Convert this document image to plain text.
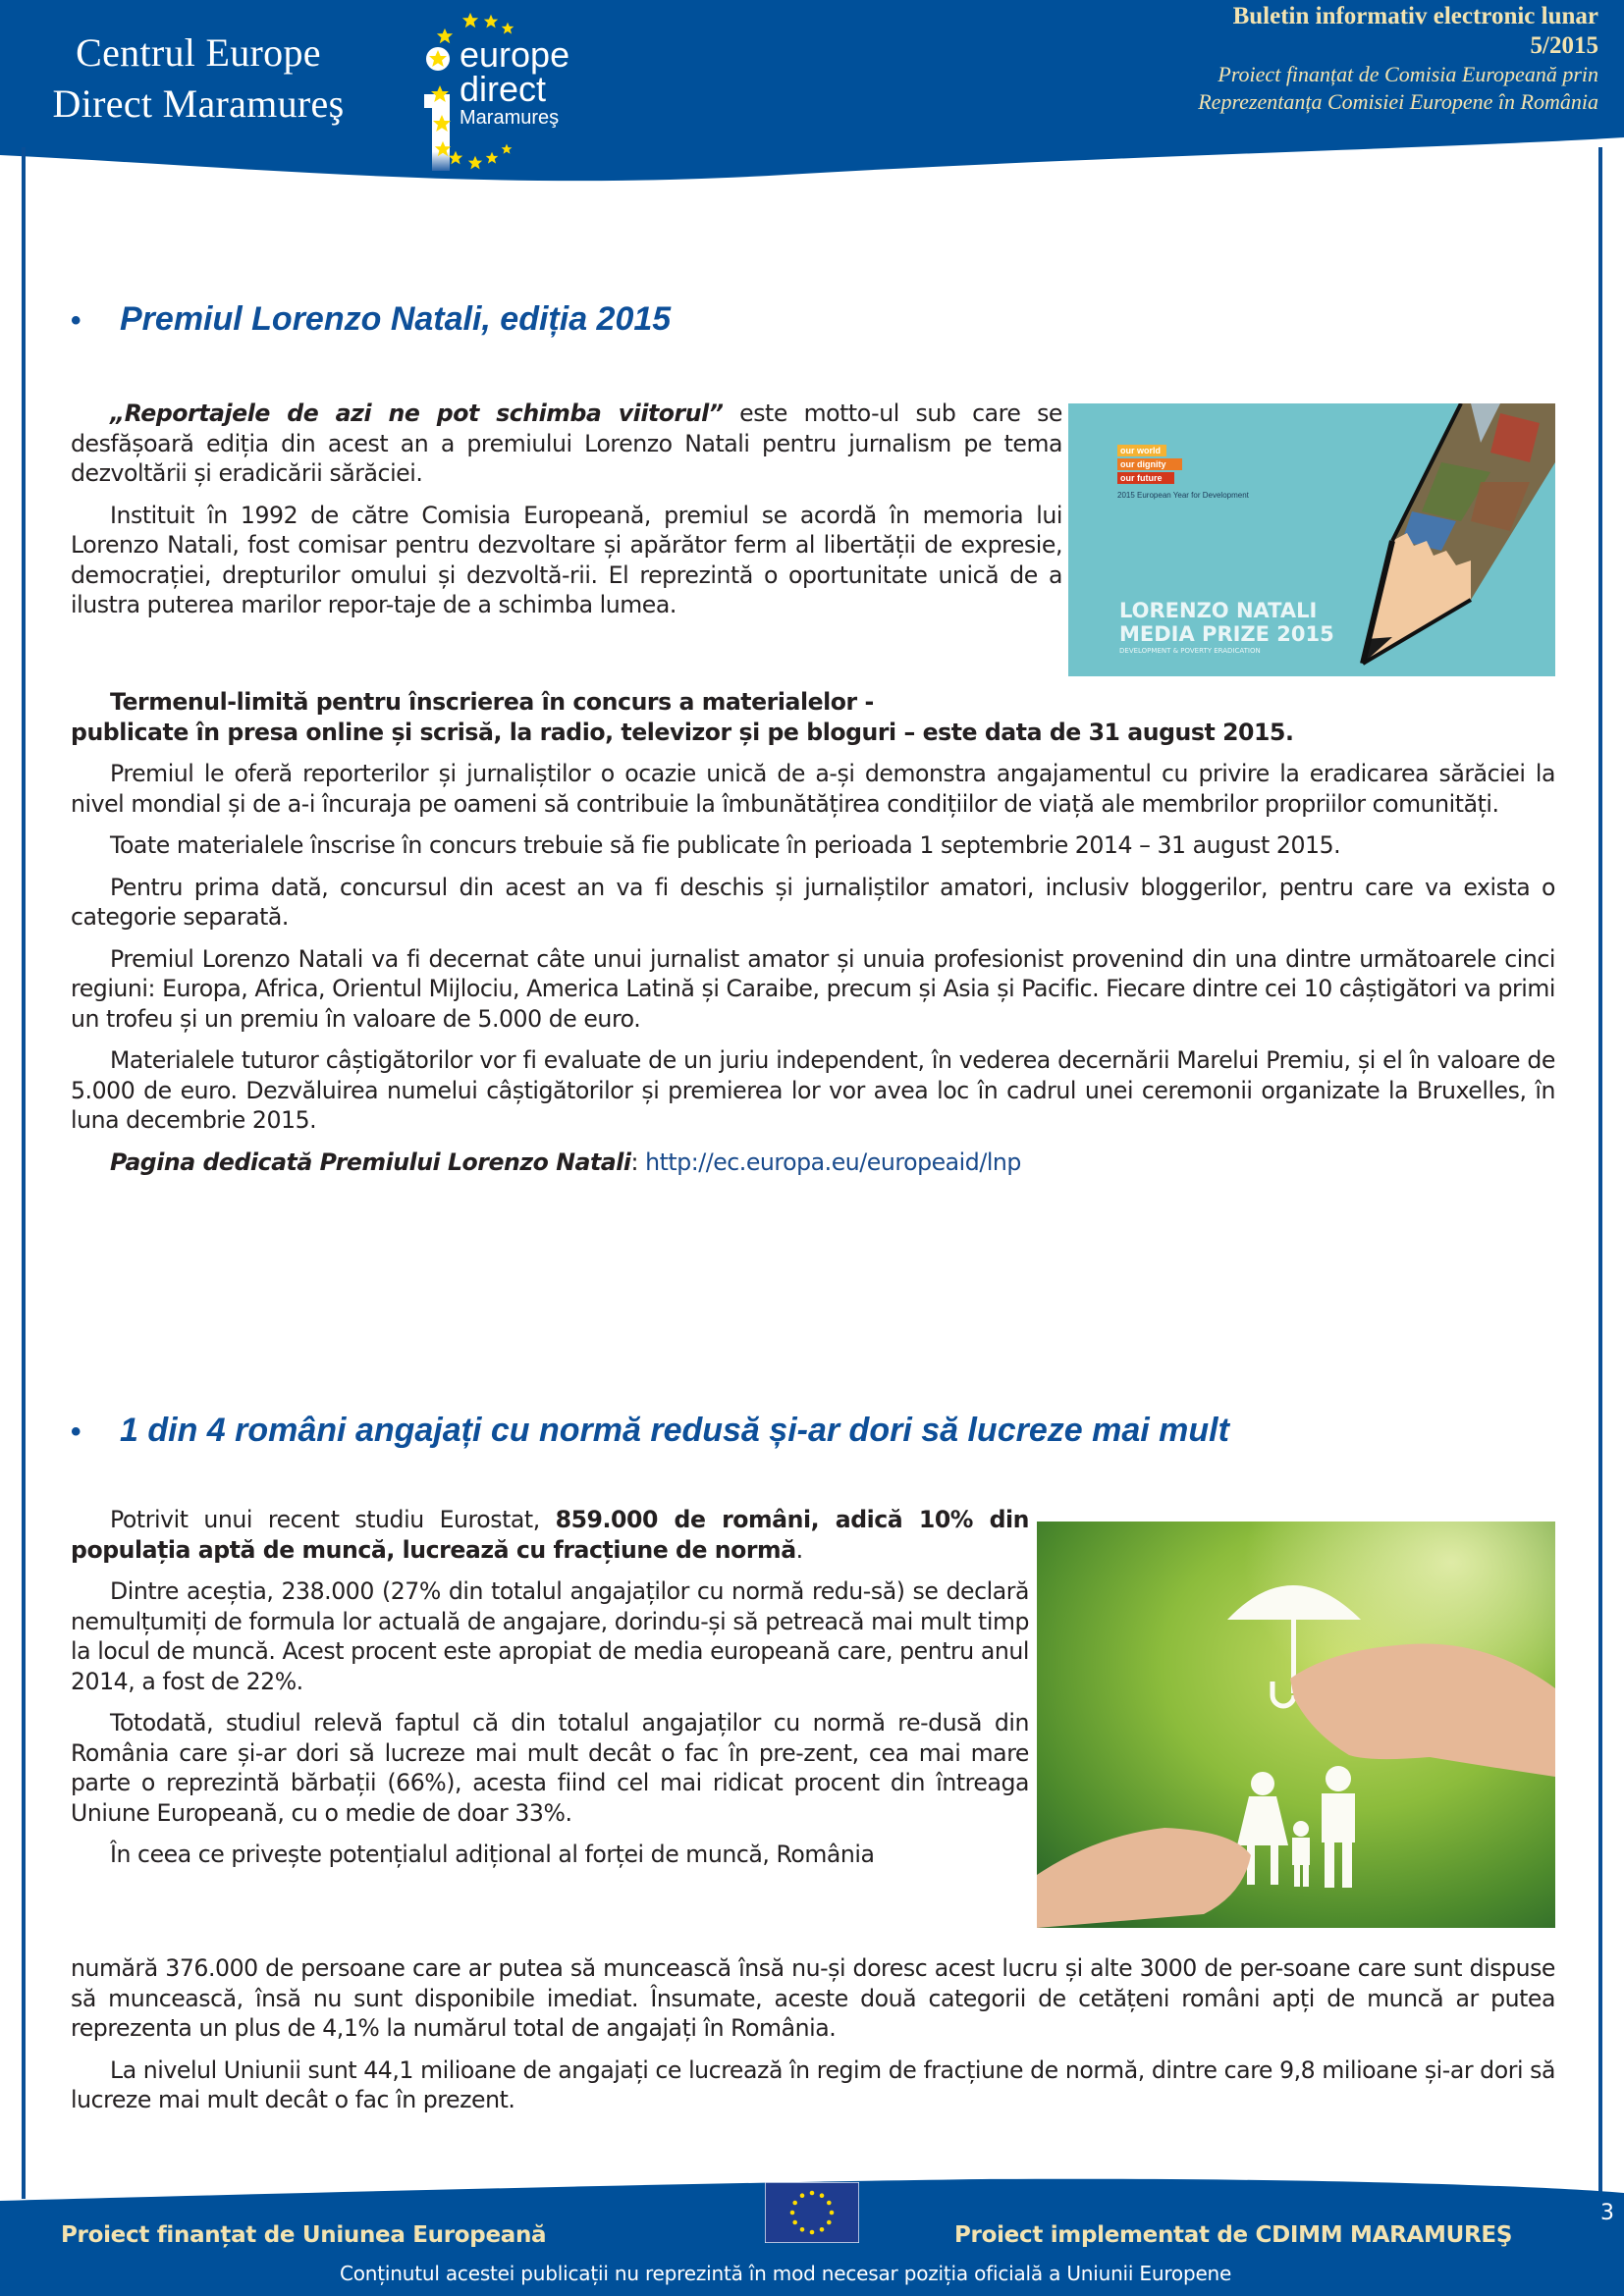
Centrul Europe
Direct Maramureş
europe
direct
Maramureş
Buletin informativ electronic lunar
5/2015
Proiect finanțat de Comisia Europeană prin
Reprezentanța Comisiei Europene în România
• Premiul Lorenzo Natali, ediția 2015

„Reportajele de azi ne pot schimba viitorul” este motto-ul sub care se desfășoară ediția din acest an a premiului Lorenzo Natali pentru jurnalism pe tema dezvoltării și eradicării sărăciei.

Instituit în 1992 de către Comisia Europeană, premiul se acordă în memoria lui Lorenzo Natali, fost comisar pentru dezvoltare și apărător ferm al libertății de expresie, democrației, drepturilor omului și dezvoltă-rii. El reprezintă o oportunitate unică de a ilustra puterea marilor repor-taje de a schimba lumea.

our world
our dignity
our future
2015 European Year for Development
LORENZO NATALI
MEDIA PRIZE 2015
DEVELOPMENT & POVERTY ERADICATION

Termenul-limită pentru înscrierea în concurs a materialelor -
publicate în presa online și scrisă, la radio, televizor și pe bloguri – este data de 31 august 2015.

Premiul le oferă reporterilor și jurnaliștilor o ocazie unică de a-și demonstra angajamentul cu privire la eradicarea sărăciei la nivel mondial și de a-i încuraja pe oameni să contribuie la îmbunătățirea condițiilor de viață ale membrilor propriilor comunități.

Toate materialele înscrise în concurs trebuie să fie publicate în perioada 1 septembrie 2014 – 31 august 2015.

Pentru prima dată, concursul din acest an va fi deschis și jurnaliștilor amatori, inclusiv bloggerilor, pentru care va exista o categorie separată.

Premiul Lorenzo Natali va fi decernat câte unui jurnalist amator și unuia profesionist provenind din una dintre următoarele cinci regiuni: Europa, Africa, Orientul Mijlociu, America Latină și Caraibe, precum și Asia și Pacific. Fiecare dintre cei 10 câștigători va primi un trofeu și un premiu în valoare de 5.000 de euro.

Materialele tuturor câștigătorilor vor fi evaluate de un juriu independent, în vederea decernării Marelui Premiu, și el în valoare de 5.000 de euro. Dezvăluirea numelui câștigătorilor și premierea lor vor avea loc în cadrul unei ceremonii organizate la Bruxelles, în luna decembrie 2015.

Pagina dedicată Premiului Lorenzo Natali: http://ec.europa.eu/europeaid/lnp

• 1 din 4 români angajați cu normă redusă și-ar dori să lucreze mai mult

Potrivit unui recent studiu Eurostat, 859.000 de români, adică 10% din populația aptă de muncă, lucrează cu fracțiune de normă.

Dintre aceștia, 238.000 (27% din totalul angajaților cu normă redu-să) se declară nemulțumiți de formula lor actuală de angajare, dorindu-și să petreacă mai mult timp la locul de muncă. Acest procent este apropiat de media europeană care, pentru anul 2014, a fost de 22%.

Totodată, studiul relevă faptul că din totalul angajaților cu normă re-dusă din România care și-ar dori să lucreze mai mult decât o fac în pre-zent, cea mai mare parte o reprezintă bărbații (66%), acesta fiind cel mai ridicat procent din întreaga Uniune Europeană, cu o medie de doar 33%.

În ceea ce privește potențialul adițional al forței de muncă, România

numără 376.000 de persoane care ar putea să muncească însă nu-și doresc acest lucru și alte 3000 de per-soane care sunt dispuse să muncească, însă nu sunt disponibile imediat. Însumate, aceste două categorii de cetățeni români apți de muncă ar putea reprezenta un plus de 4,1% la numărul total de angajați în România.

La nivelul Uniunii sunt 44,1 milioane de angajați ce lucrează în regim de fracțiune de normă, dintre care 9,8 milioane și-ar dori să lucreze mai mult decât o fac în prezent.

Proiect finanțat de Uniunea Europeană	Proiect implementat de CDIMM MARAMUREŞ
Conținutul acestei publicații nu reprezintă în mod necesar poziția oficială a Uniunii Europene
3
